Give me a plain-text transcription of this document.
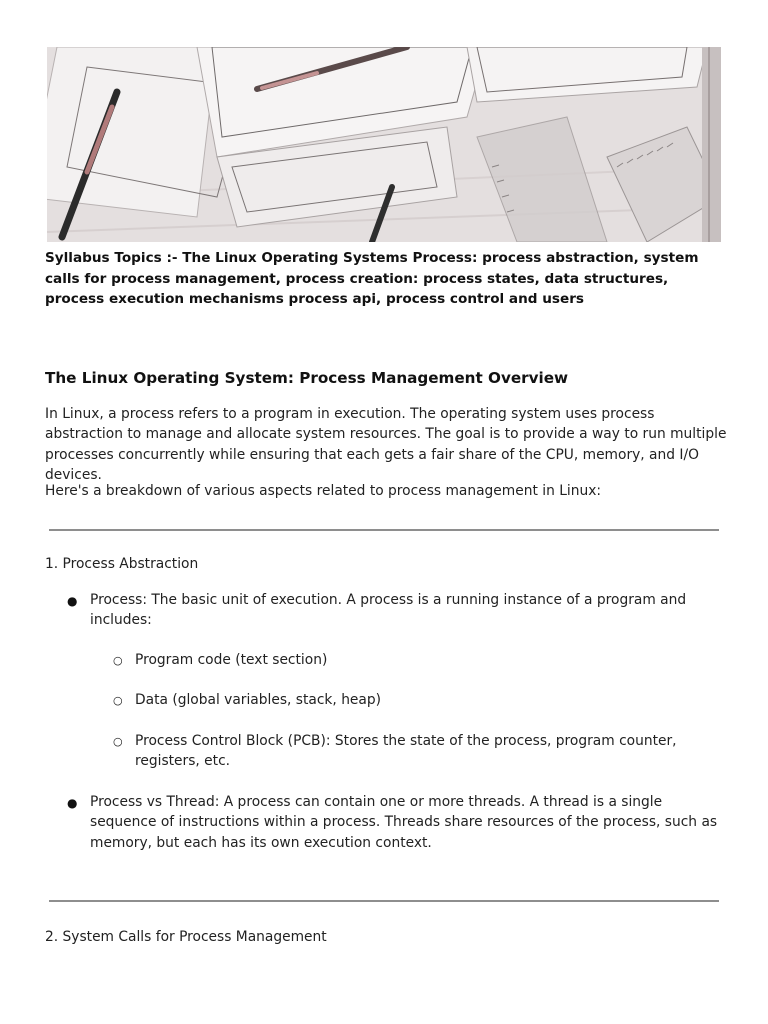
Syllabus Topics :- The Linux Operating Systems Process: process abstraction, system calls for process management, process creation: process states, data structures, process execution mechanisms process api, process control and users
The Linux Operating System: Process Management Overview
In Linux, a process refers to a program in execution. The operating system uses process abstraction to manage and allocate system resources. The goal is to provide a way to run multiple processes concurrently while ensuring that each gets a fair share of the CPU, memory, and I/O devices.
Here's a breakdown of various aspects related to process management in Linux:
1. Process Abstraction
● Process: The basic unit of execution. A process is a running instance of a program and includes:
○ Program code (text section)
○ Data (global variables, stack, heap)
○ Process Control Block (PCB): Stores the state of the process, program counter, registers, etc.
● Process vs Thread: A process can contain one or more threads. A thread is a single sequence of instructions within a process. Threads share resources of the process, such as memory, but each has its own execution context.
2. System Calls for Process Management
